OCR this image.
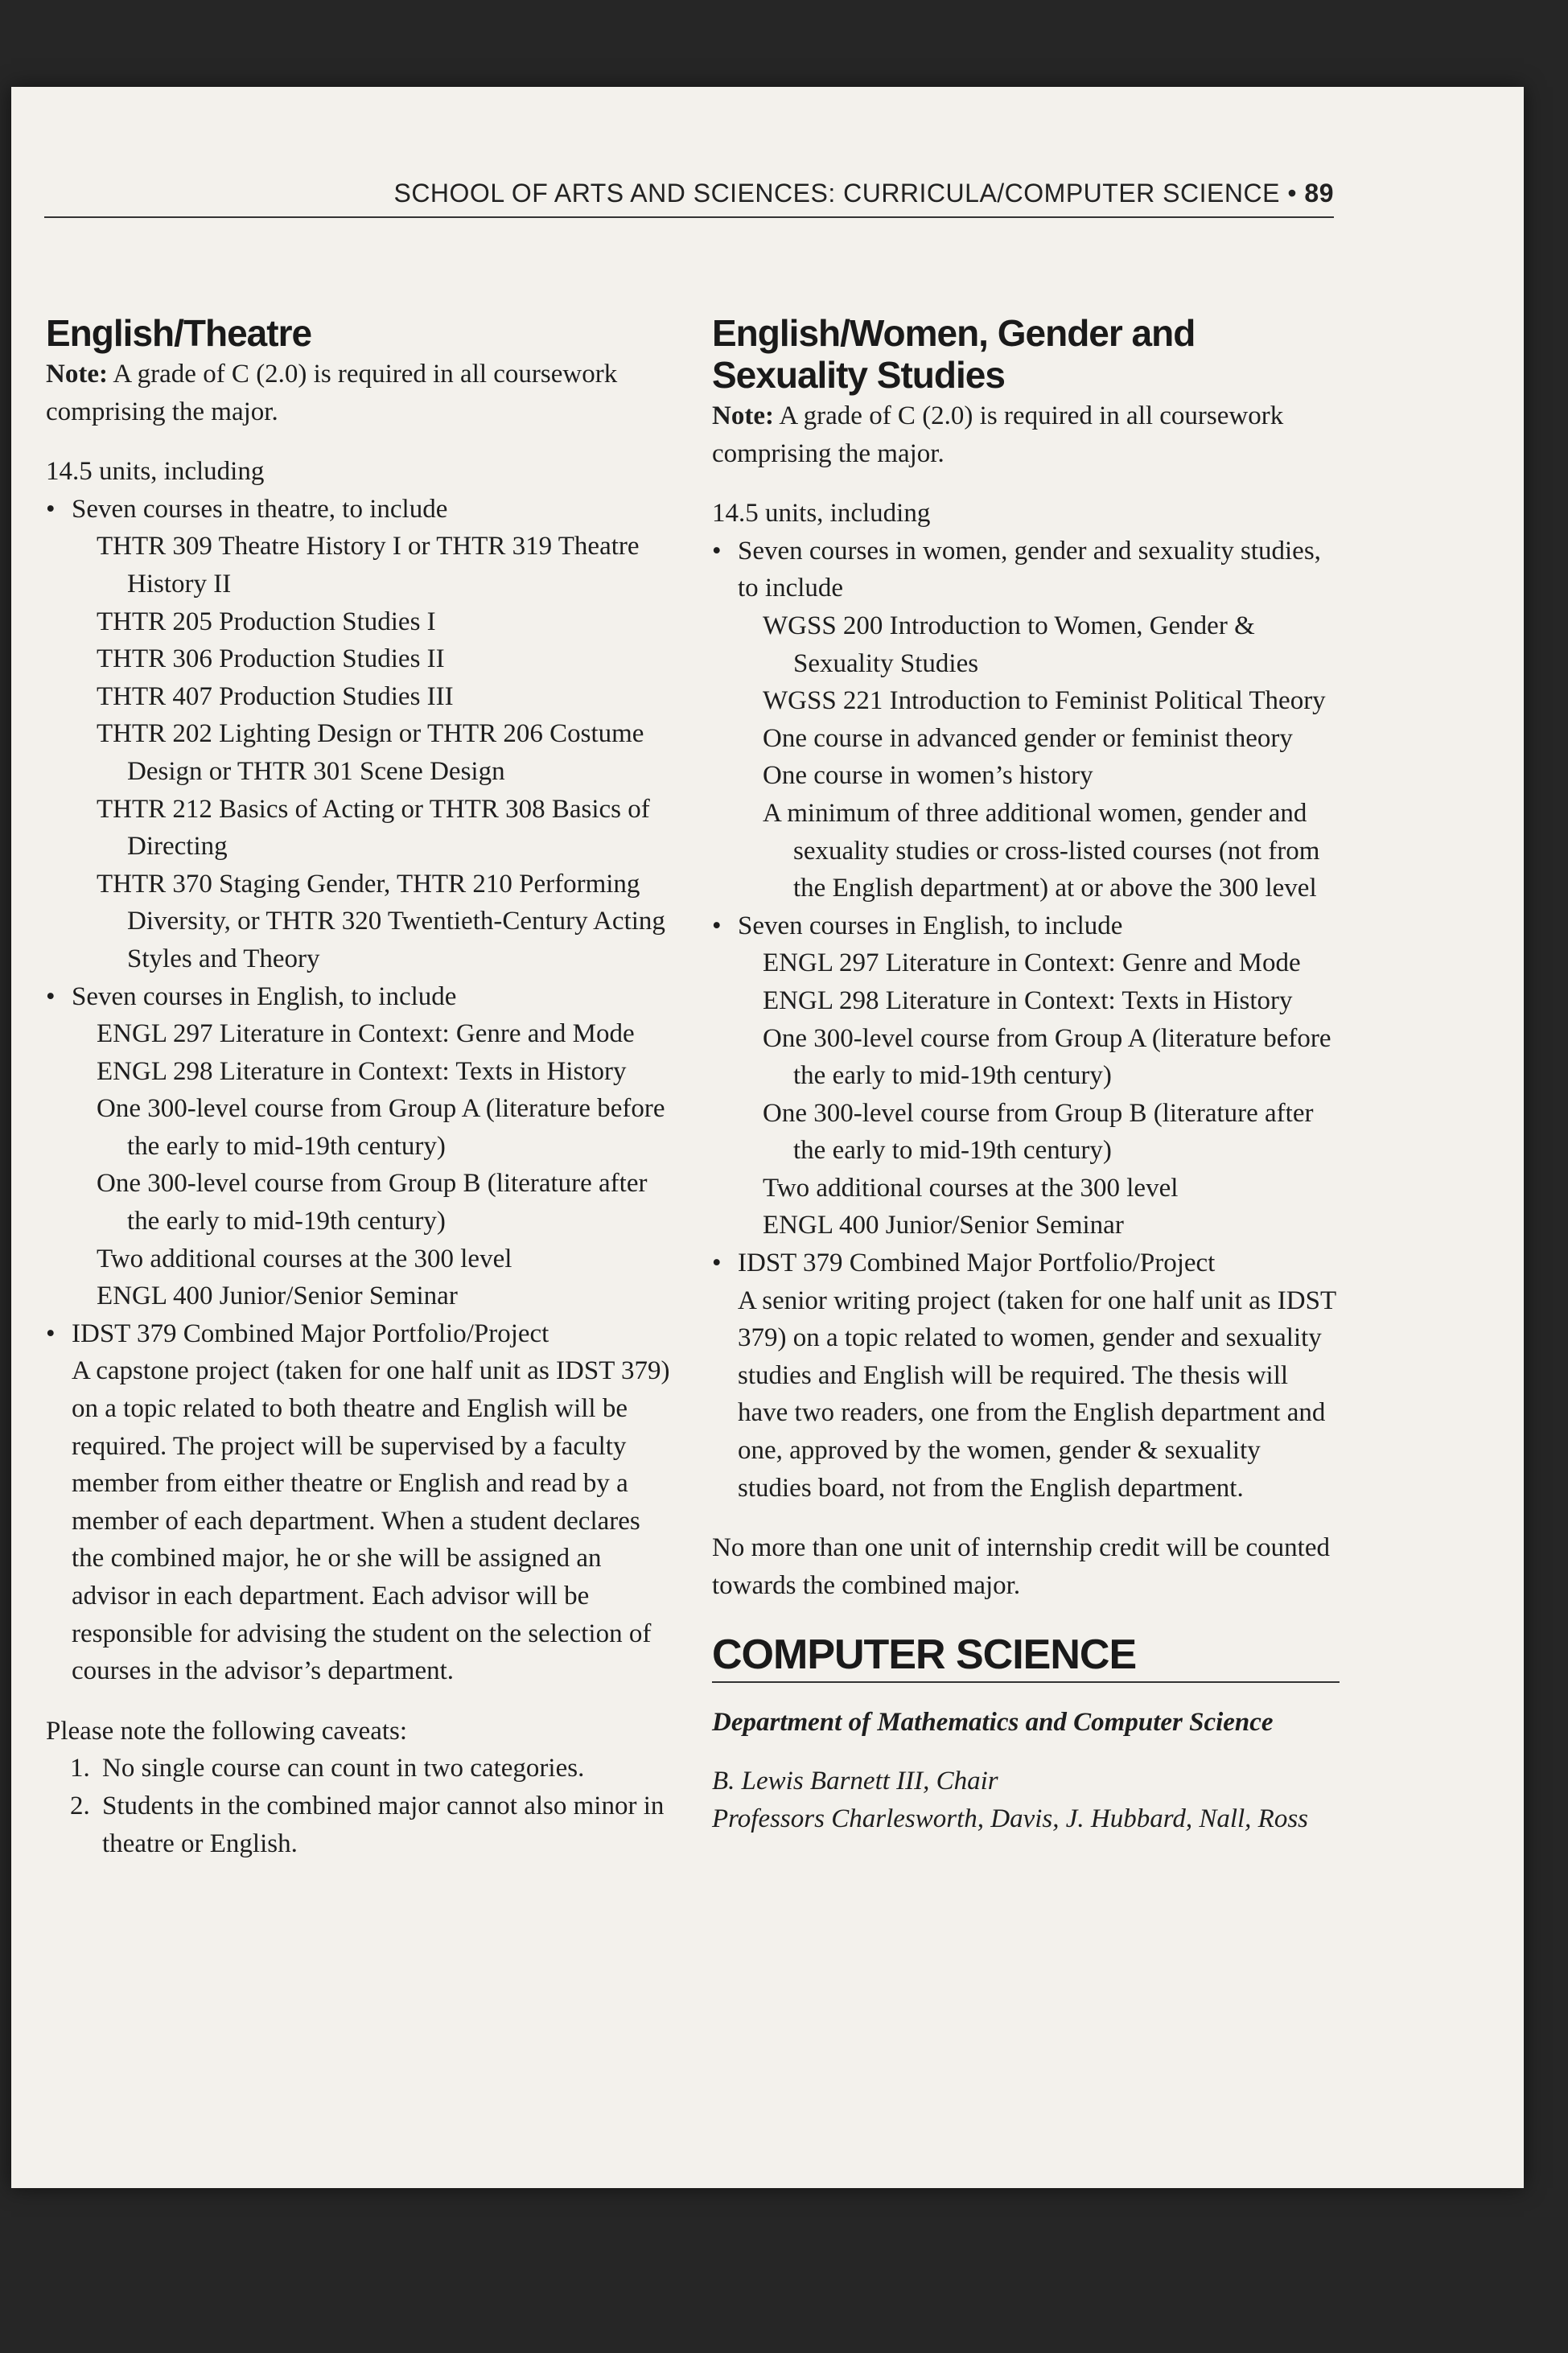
SCHOOL OF ARTS AND SCIENCES: CURRICULA/COMPUTER SCIENCE • 89
English/Theatre
Note: A grade of C (2.0) is required in all coursework comprising the major.
14.5 units, including
• Seven courses in theatre, to include
THTR 309 Theatre History I or THTR 319 Theatre History II
THTR 205 Production Studies I
THTR 306 Production Studies II
THTR 407 Production Studies III
THTR 202 Lighting Design or THTR 206 Costume Design or THTR 301 Scene Design
THTR 212 Basics of Acting or THTR 308 Basics of Directing
THTR 370 Staging Gender, THTR 210 Performing Diversity, or THTR 320 Twentieth-Century Acting Styles and Theory
• Seven courses in English, to include
ENGL 297 Literature in Context: Genre and Mode
ENGL 298 Literature in Context: Texts in History
One 300-level course from Group A (literature before the early to mid-19th century)
One 300-level course from Group B (literature after the early to mid-19th century)
Two additional courses at the 300 level
ENGL 400 Junior/Senior Seminar
• IDST 379 Combined Major Portfolio/Project
A capstone project (taken for one half unit as IDST 379) on a topic related to both theatre and English will be required. The project will be supervised by a faculty member from either theatre or English and read by a member of each department. When a student declares the combined major, he or she will be assigned an advisor in each department. Each advisor will be responsible for advising the student on the selection of courses in the advisor’s department.
Please note the following caveats:
1. No single course can count in two categories.
2. Students in the combined major cannot also minor in theatre or English.
English/Women, Gender and Sexuality Studies
Note: A grade of C (2.0) is required in all coursework comprising the major.
14.5 units, including
• Seven courses in women, gender and sexuality studies, to include
WGSS 200 Introduction to Women, Gender & Sexuality Studies
WGSS 221 Introduction to Feminist Political Theory
One course in advanced gender or feminist theory
One course in women’s history
A minimum of three additional women, gender and sexuality studies or cross-listed courses (not from the English department) at or above the 300 level
• Seven courses in English, to include
ENGL 297 Literature in Context: Genre and Mode
ENGL 298 Literature in Context: Texts in History
One 300-level course from Group A (literature before the early to mid-19th century)
One 300-level course from Group B (literature after the early to mid-19th century)
Two additional courses at the 300 level
ENGL 400 Junior/Senior Seminar
• IDST 379 Combined Major Portfolio/Project
A senior writing project (taken for one half unit as IDST 379) on a topic related to women, gender and sexuality studies and English will be required. The thesis will have two readers, one from the English department and one, approved by the women, gender & sexuality studies board, not from the English department.
No more than one unit of internship credit will be counted towards the combined major.
COMPUTER SCIENCE
Department of Mathematics and Computer Science
B. Lewis Barnett III, Chair
Professors Charlesworth, Davis, J. Hubbard, Nall, Ross
